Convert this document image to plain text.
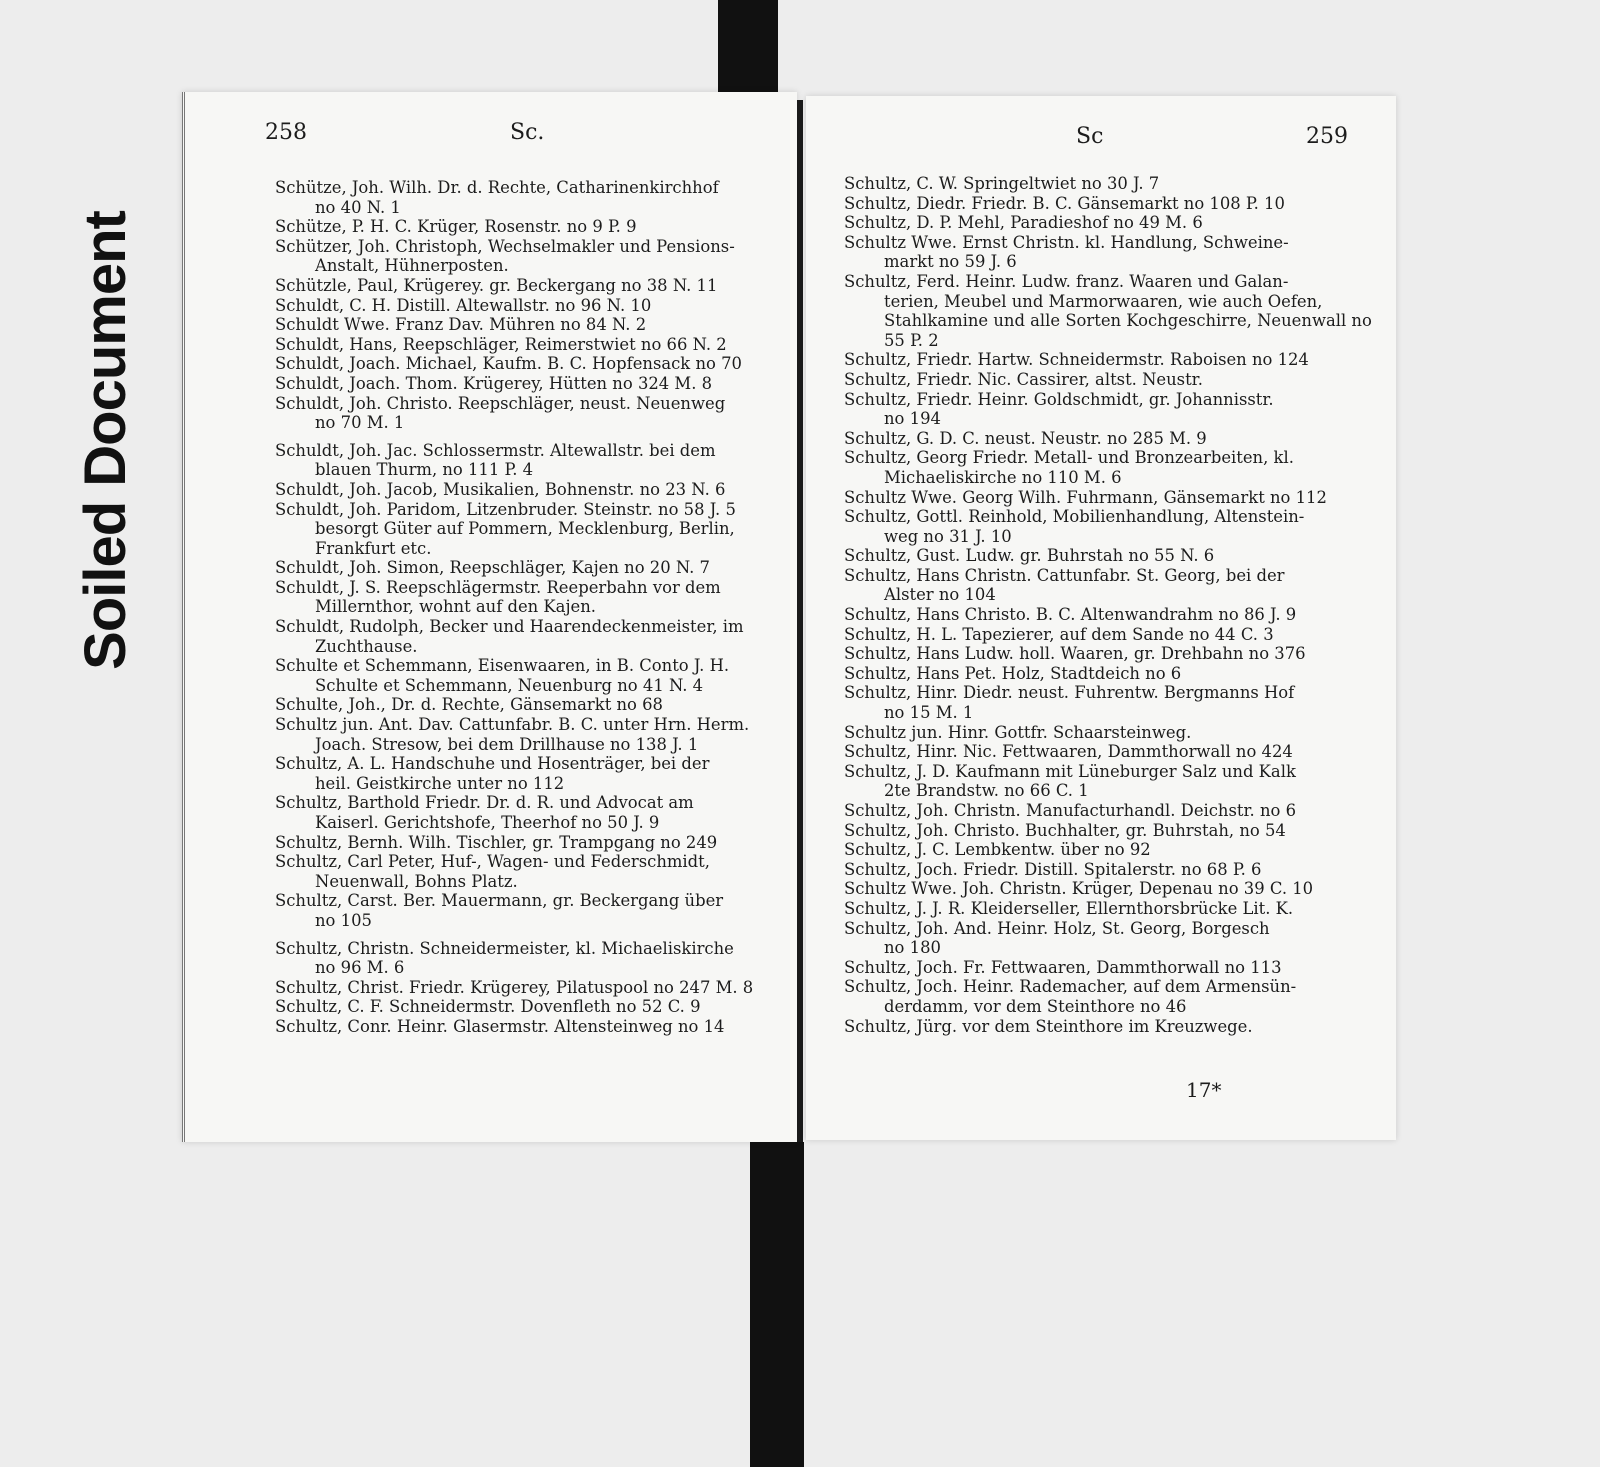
Soiled Document
258	Sc.
Schütze, Joh. Wilh. Dr. d. Rechte, Catharinenkirchhof
no 40 N. 1
Schütze, P. H. C. Krüger, Rosenstr. no 9 P. 9
Schützer, Joh. Christoph, Wechselmakler und Pensions-
Anstalt, Hühnerposten.
Schützle, Paul, Krügerey. gr. Beckergang no 38 N. 11
Schuldt, C. H. Distill. Altewallstr. no 96 N. 10
Schuldt Wwe. Franz Dav. Mühren no 84 N. 2
Schuldt, Hans, Reepschläger, Reimerstwiet no 66 N. 2
Schuldt, Joach. Michael, Kaufm. B. C. Hopfensack no 70
Schuldt, Joach. Thom. Krügerey, Hütten no 324 M. 8
Schuldt, Joh. Christo. Reepschläger, neust. Neuenweg
no 70 M. 1
Schuldt, Joh. Jac. Schlossermstr. Altewallstr. bei dem
blauen Thurm, no 111 P. 4
Schuldt, Joh. Jacob, Musikalien, Bohnenstr. no 23 N. 6
Schuldt, Joh. Paridom, Litzenbruder. Steinstr. no 58 J. 5
besorgt Güter auf Pommern, Mecklenburg, Berlin, Frankfurt etc.
Schuldt, Joh. Simon, Reepschläger, Kajen no 20 N. 7
Schuldt, J. S. Reepschlägermstr. Reeperbahn vor dem
Millernthor, wohnt auf den Kajen.
Schuldt, Rudolph, Becker und Haarendeckenmeister, im
Zuchthause.
Schulte et Schemmann, Eisenwaaren, in B. Conto J. H.
Schulte et Schemmann, Neuenburg no 41 N. 4
Schulte, Joh., Dr. d. Rechte, Gänsemarkt no 68
Schultz jun. Ant. Dav. Cattunfabr. B. C. unter Hrn. Herm.
Joach. Stresow, bei dem Drillhause no 138 J. 1
Schultz, A. L. Handschuhe und Hosenträger, bei der
heil. Geistkirche unter no 112
Schultz, Barthold Friedr. Dr. d. R. und Advocat am
Kaiserl. Gerichtshofe, Theerhof no 50 J. 9
Schultz, Bernh. Wilh. Tischler, gr. Trampgang no 249
Schultz, Carl Peter, Huf-, Wagen- und Federschmidt,
Neuenwall, Bohns Platz.
Schultz, Carst. Ber. Mauermann, gr. Beckergang über
no 105
Schultz, Christn. Schneidermeister, kl. Michaeliskirche
no 96 M. 6
Schultz, Christ. Friedr. Krügerey, Pilatuspool no 247 M. 8
Schultz, C. F. Schneidermstr. Dovenfleth no 52 C. 9
Schultz, Conr. Heinr. Glasermstr. Altensteinweg no 14
Sc	259
Schultz, C. W. Springeltwiet no 30 J. 7
Schultz, Diedr. Friedr. B. C. Gänsemarkt no 108 P. 10
Schultz, D. P. Mehl, Paradieshof no 49 M. 6
Schultz Wwe. Ernst Christn. kl. Handlung, Schweine-
markt no 59 J. 6
Schultz, Ferd. Heinr. Ludw. franz. Waaren und Galan-
terien, Meubel und Marmorwaaren, wie auch Oefen, Stahlkamine und alle Sorten Kochgeschirre, Neuenwall no 55 P. 2
Schultz, Friedr. Hartw. Schneidermstr. Raboisen no 124
Schultz, Friedr. Nic. Cassirer, altst. Neustr.
Schultz, Friedr. Heinr. Goldschmidt, gr. Johannisstr.
no 194
Schultz, G. D. C. neust. Neustr. no 285 M. 9
Schultz, Georg Friedr. Metall- und Bronzearbeiten, kl.
Michaeliskirche no 110 M. 6
Schultz Wwe. Georg Wilh. Fuhrmann, Gänsemarkt no 112
Schultz, Gottl. Reinhold, Mobilienhandlung, Altenstein-
weg no 31 J. 10
Schultz, Gust. Ludw. gr. Buhrstah no 55 N. 6
Schultz, Hans Christn. Cattunfabr. St. Georg, bei der
Alster no 104
Schultz, Hans Christo. B. C. Altenwandrahm no 86 J. 9
Schultz, H. L. Tapezierer, auf dem Sande no 44 C. 3
Schultz, Hans Ludw. holl. Waaren, gr. Drehbahn no 376
Schultz, Hans Pet. Holz, Stadtdeich no 6
Schultz, Hinr. Diedr. neust. Fuhrentw. Bergmanns Hof
no 15 M. 1
Schultz jun. Hinr. Gottfr. Schaarsteinweg.
Schultz, Hinr. Nic. Fettwaaren, Dammthorwall no 424
Schultz, J. D. Kaufmann mit Lüneburger Salz und Kalk
2te Brandstw. no 66 C. 1
Schultz, Joh. Christn. Manufacturhandl. Deichstr. no 6
Schultz, Joh. Christo. Buchhalter, gr. Buhrstah, no 54
Schultz, J. C. Lembkentw. über no 92
Schultz, Joch. Friedr. Distill. Spitalerstr. no 68 P. 6
Schultz Wwe. Joh. Christn. Krüger, Depenau no 39 C. 10
Schultz, J. J. R. Kleiderseller, Ellernthorsbrücke Lit. K.
Schultz, Joh. And. Heinr. Holz, St. Georg, Borgesch
no 180
Schultz, Joch. Fr. Fettwaaren, Dammthorwall no 113
Schultz, Joch. Heinr. Rademacher, auf dem Armensün-
derdamm, vor dem Steinthore no 46
Schultz, Jürg. vor dem Steinthore im Kreuzwege.
17*
